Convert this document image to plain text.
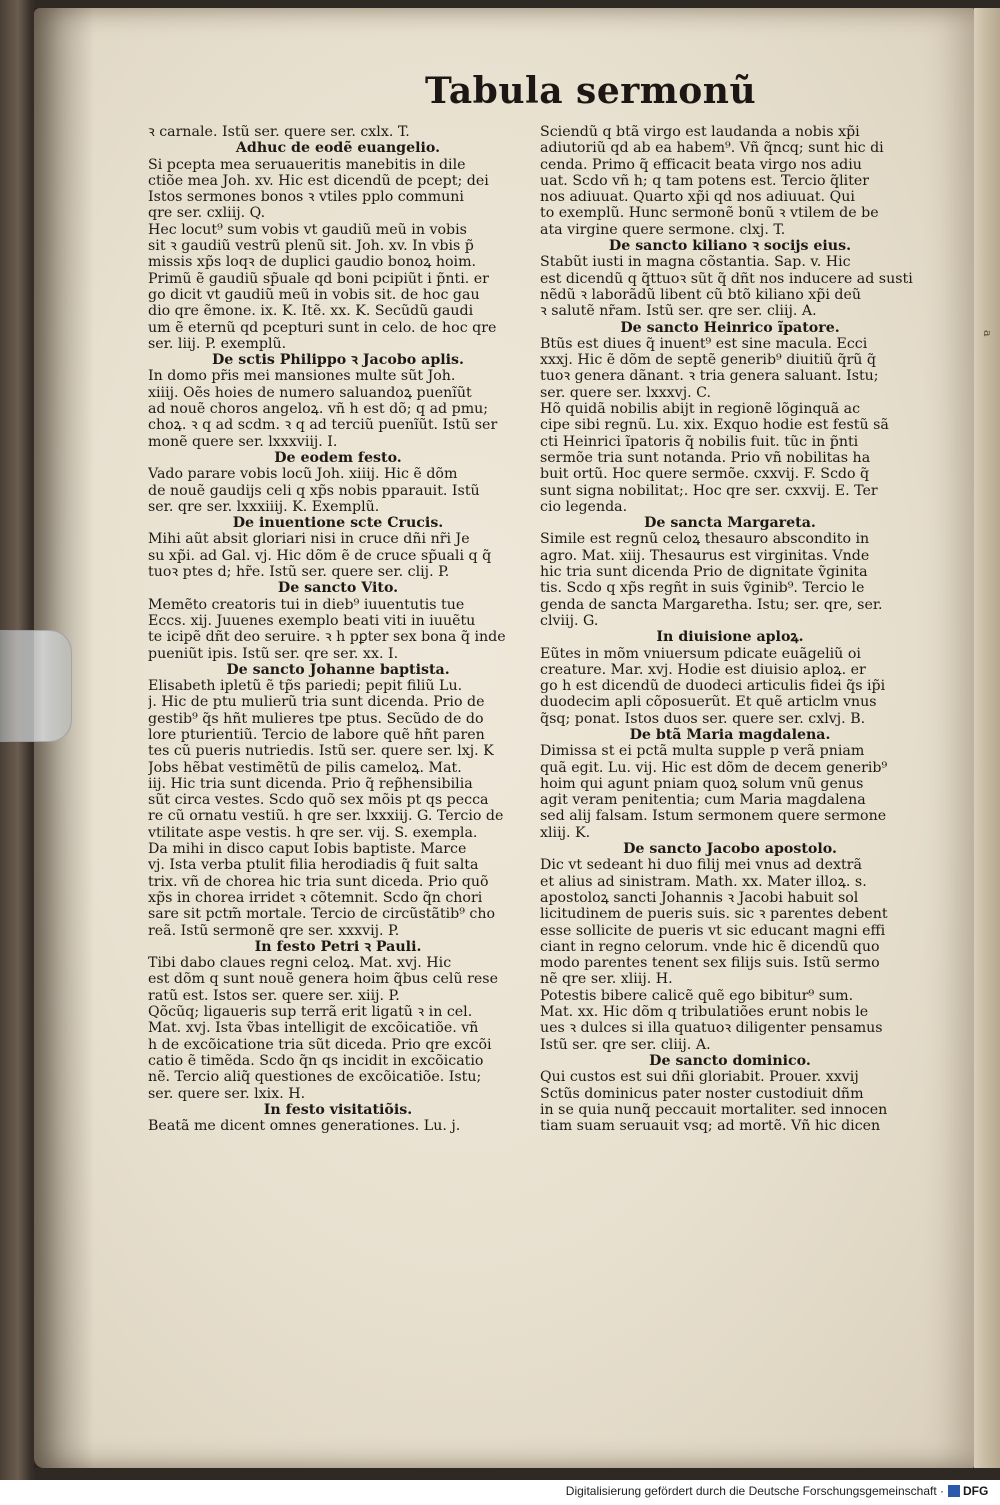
a
Tabula sermonũ
ꝛ carnale. Istũ ser. quere ser. cxlx. T.
Adhuc de eodẽ euangelio.
Si pcepta mea seruaueritis manebitis in dile
ctiõe mea Joh. xv. Hic est dicendũ de pcept; dei
Istos sermones bonos ꝛ vtiles pplo communi
qre ser. cxliij. Q.
Hec locut⁹ sum vobis vt gaudiũ meũ in vobis
sit ꝛ gaudiũ vestrũ plenũ sit. Joh. xv. In vbis p̃
missis xp̃s loqꝛ de duplici gaudio bonoꝝ hoim.
Primũ ẽ gaudiũ sp̃uale qd boni pcipiũt i p̃nti. er
go dicit vt gaudiũ meũ in vobis sit. de hoc gau
dio qre ẽmone. ix. K. Itẽ. xx. K. Secũdũ gaudi
um ẽ eternũ qd pcepturi sunt in celo. de hoc qre
ser. liij. P. exemplũ.
De sctis Philippo ꝛ Jacobo aplis.
In domo pr̃is mei mansiones multe sũt Joh.
xiiij. Oẽs hoies de numero saluandoꝝ puenĩũt
ad nouẽ choros angeloꝝ. vñ h est dõ; q ad pmu;
choꝝ. ꝛ q ad scdm. ꝛ q ad terciũ puenĩũt. Istũ ser
monẽ quere ser. lxxxviij. I.
De eodem festo.
Vado parare vobis locũ Joh. xiiij. Hic ẽ dõm
de nouẽ gaudijs celi q xp̃s nobis pparauit. Istũ
ser. qre ser. lxxxiiij. K. Exemplũ.
De inuentione scte Crucis.
Mihi aũt absit gloriari nisi in cruce dñi nr̃i Je
su xp̃i. ad Gal. vj. Hic dõm ẽ de cruce sp̃uali q q̃
tuoꝛ ptes d; hr̃e. Istũ ser. quere ser. clij. P.
De sancto Vito.
Memẽto creatoris tui in dieb⁹ iuuentutis tue
Eccs. xij. Juuenes exemplo beati viti in iuuẽtu
te icipẽ dñt deo seruire. ꝛ h̃ pꝑter sex bona q̃ inde
pueniũt ipis. Istũ ser. qre ser. xx. I.
De sancto Johanne baptista.
Elisabeth ipletũ ẽ tp̃s pariedi; pepit filiũ Lu.
j. Hic de ptu mulierũ tria sunt dicenda. Prio de
gestib⁹ q̃s hñt mulieres tpe ptus. Secũdo de do
lore pturientiũ. Tercio de labore quẽ hñt paren
tes cũ pueris nutriedis. Istũ ser. quere ser. lxj. K
Jobs hẽbat vestimẽtũ de pilis cameloꝝ. Mat.
iij. Hic tria sunt dicenda. Prio q̃ rep̃hensibilia
sũt circa vestes. Scdo quõ sex mõis pt qs pecca
re cũ ornatu vestiũ. h̃ qre ser. lxxxiij. G. Tercio de
vtilitate aspe vestis. h̃ qre ser. vij. S. exempla.
Da mihi in disco caput Iobis baptiste. Marce
vj. Ista verba ptulit filia herodiadis q̃ fuit salta
trix. vñ de chorea hic tria sunt diceda. Prio quõ
xp̃s in chorea irridet ꝛ cõtemnit. Scdo q̃n chori
sare sit pctm̃ mortale. Tercio de circũstãtib⁹ cho
reã. Istũ sermonẽ qre ser. xxxvij. P.
In festo Petri ꝛ Pauli.
Tibi dabo claues regni celoꝝ. Mat. xvj. Hic
est dõm q sunt nouẽ genera hoim q̃bus celũ rese
ratũ est. Istos ser. quere ser. xiij. P.
Qõcũq; ligaueris sup terrã erit ligatũ ꝛ in cel.
Mat. xvj. Ista ṽbas intelligit de excõicatiõe. vñ
h̃ de excõicatione tria sũt diceda. Prio qre excõi
catio ẽ timẽda. Scdo q̃n qs incidit in excõicatio
nẽ. Tercio aliq̃ questiones de excõicatiõe. Istu;
ser. quere ser. lxix. H.
In festo visitatiõis.
Beatã me dicent omnes generationes. Lu. j.
Sciendũ q btã virgo est laudanda a nobis xp̃i
adiutoriũ qd ab ea habem⁹. Vñ q̃ncq; sunt hic di
cenda. Primo q̃ efficacit beata virgo nos adiu
uat. Scdo vñ h; q tam potens est. Tercio q̃liter
nos adiuuat. Quarto xp̃i qd nos adiuuat. Qui
to exemplũ. Hunc sermonẽ bonũ ꝛ vtilem de be
ata virgine quere sermone. clxj. T.
De sancto kiliano ꝛ socijs eius.
Stabũt iusti in magna cõstantia. Sap. v. Hic
est dicendũ q q̃ttuoꝛ sũt q̃ dñt nos inducere ad susti
nẽdũ ꝛ laborãdũ libent cũ btõ kiliano xp̃i deũ
ꝛ salutẽ nr̃am. Istũ ser. qre ser. cliij. A.
De sancto Heinrico ĩpatore.
Btũs est diues q̃ inuent⁹ est sine macula. Ecci
xxxj. Hic ẽ dõm de septẽ generib⁹ diuitiũ q̃rũ q̃
tuoꝛ genera dãnant. ꝛ tria genera saluant. Istu;
ser. quere ser. lxxxvj. C.
Hõ quidã nobilis abijt in regionẽ lõginquã ac
cipe sibi regnũ. Lu. xix. Exquo hodie est festũ sã
cti Heinrici ĩpatoris q̃ nobilis fuit. tũc in p̃nti
sermõe tria sunt notanda. Prio vñ nobilitas ha
buit ortũ. Hoc quere sermõe. cxxvij. F. Scdo q̃
sunt signa nobilitat;. Hoc qre ser. cxxvij. E. Ter
cio legenda.
De sancta Margareta.
Simile est regnũ celoꝝ thesauro abscondito in
agro. Mat. xiij. Thesaurus est virginitas. Vnde
hic tria sunt dicenda Prio de dignitate ṽginita
tis. Scdo q xp̃s regñt in suis ṽginib⁹. Tercio le
genda de sancta Margaretha. Istu; ser. qre, ser.
clviij. G.
In diuisione aploꝝ.
Eũtes in mõm vniuersum pdicate euãgeliũ oi
creature. Mar. xvj. Hodie est diuisio aploꝝ. er
go h̃ est dicendũ de duodeci articulis fidei q̃s ip̃i
duodecim apl̃i cõposuerũt. Et quẽ articl̃m vnus
q̃sq; ponat. Istos duos ser. quere ser. cxlvj. B.
De btã Maria magdalena.
Dimissa st ei pctã multa supple p verã pniam
quã egit. Lu. vij. Hic est dõm de decem generib⁹
hoim qui agunt pniam quoꝝ solum vnũ genus
agit veram penitentia; cum Maria magdalena
sed alij falsam. Istum sermonem quere sermone
xliij. K.
De sancto Jacobo apostolo.
Dic vt sedeant hi duo filij mei vnus ad dextrã
et alius ad sinistram. Math. xx. Mater illoꝝ. s.
apostoloꝝ sancti Johannis ꝛ Jacobi habuit sol
licitudinem de pueris suis. sic ꝛ parentes debent
esse sollicite de pueris vt sic educant magni effi
ciant in regno celorum. vnde hic ẽ dicendũ quo
modo parentes tenent sex filijs suis. Istũ sermo
nẽ qre ser. xliij. H.
Potestis bibere calicẽ quẽ ego bibitur⁹ sum.
Mat. xx. Hic dõm q tribulatiões erunt nobis le
ues ꝛ dulces si illa quatuoꝛ diligenter pensamus
Istũ ser. qre ser. cliij. A.
De sancto dominico.
Qui custos est sui dñi gloriabit. Prouer. xxvij
Sctũs dominicus pater noster custodiuit dñm
in se quia nunq̃ peccauit mortaliter. sed innocen
tiam suam seruauit vsq; ad mortẽ. Vñ hic dicen
Digitalisierung gefördert durch die Deutsche Forschungsgemeinschaft · DFG
